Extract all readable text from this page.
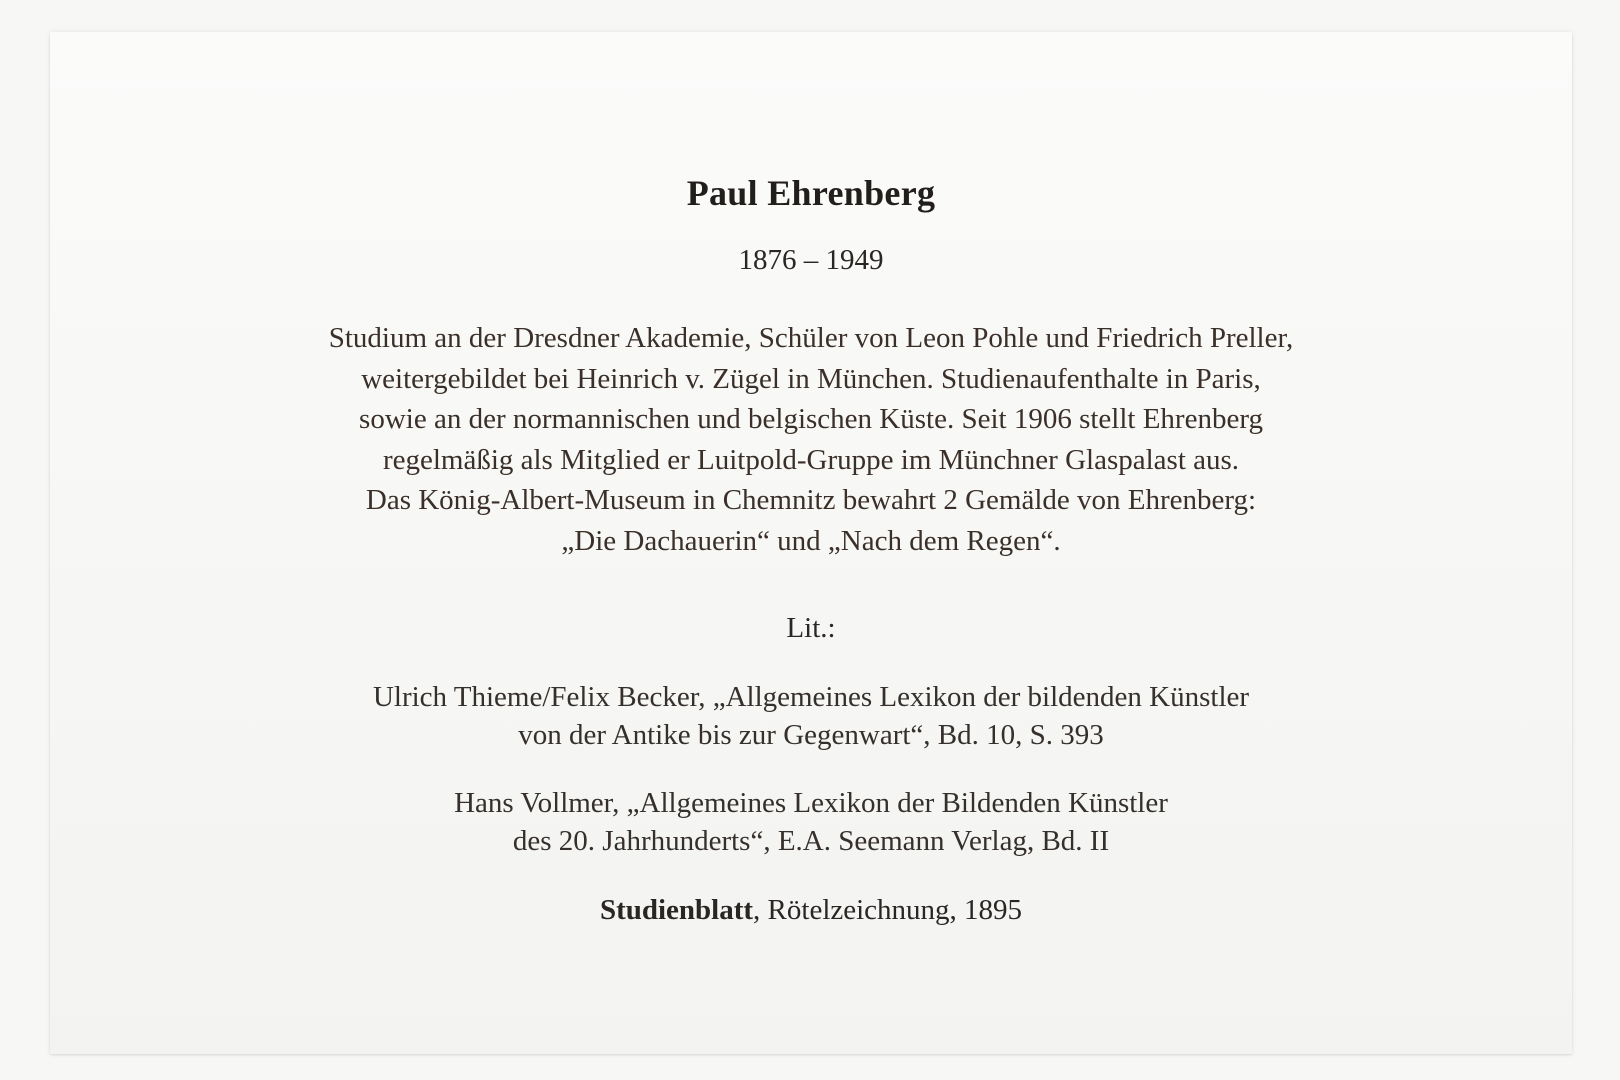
Paul Ehrenberg
1876 – 1949
Studium an der Dresdner Akademie, Schüler von Leon Pohle und Friedrich Preller,
weitergebildet bei Heinrich v. Zügel in München. Studienaufenthalte in Paris,
sowie an der normannischen und belgischen Küste. Seit 1906 stellt Ehrenberg
regelmäßig als Mitglied er Luitpold-Gruppe im Münchner Glaspalast aus.
Das König-Albert-Museum in Chemnitz bewahrt 2 Gemälde von Ehrenberg:
„Die Dachauerin“ und „Nach dem Regen“.
Lit.:
Ulrich Thieme/Felix Becker, „Allgemeines Lexikon der bildenden Künstler
von der Antike bis zur Gegenwart“, Bd. 10, S. 393
Hans Vollmer, „Allgemeines Lexikon der Bildenden Künstler
des 20. Jahrhunderts“, E.A. Seemann Verlag, Bd. II
Studienblatt, Rötelzeichnung, 1895
